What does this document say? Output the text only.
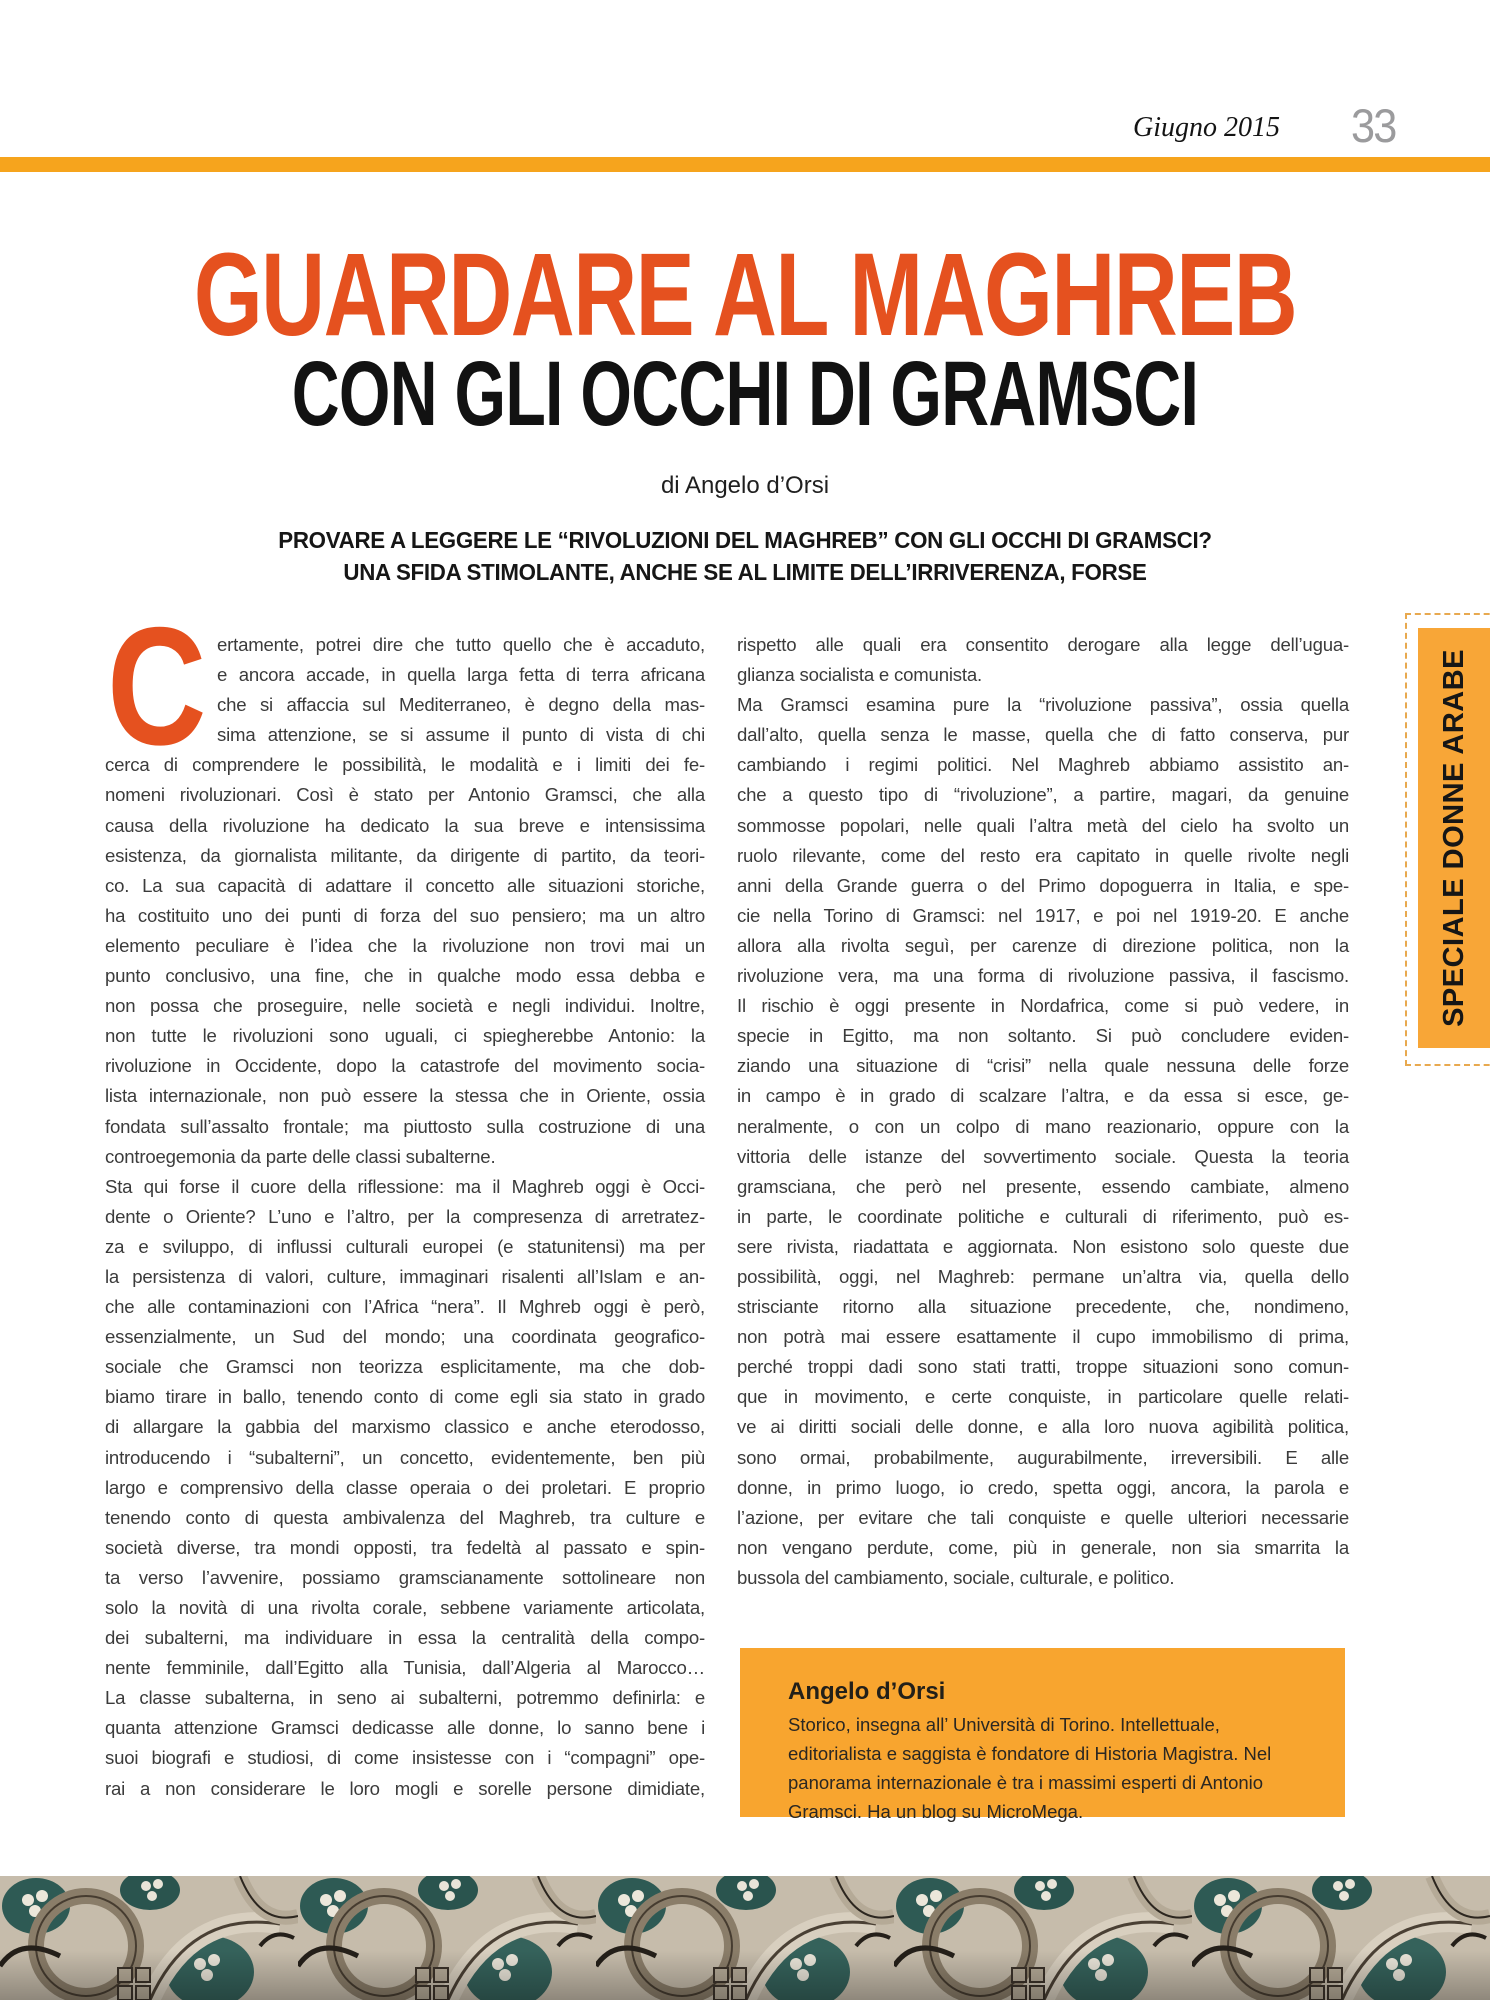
Giugno 2015 33
GUARDARE AL MAGHREB
CON GLI OCCHI DI GRAMSCI
di Angelo d’Orsi
PROVARE A LEGGERE LE “RIVOLUZIONI DEL MAGHREB” CON GLI OCCHI DI GRAMSCI?
UNA SFIDA STIMOLANTE, ANCHE SE AL LIMITE DELL’IRRIVERENZA, FORSE
C ertamente, potrei dire che tutto quello che è accaduto,
e ancora accade, in quella larga fetta di terra africana
che si affaccia sul Mediterraneo, è degno della mas-
sima attenzione, se si assume il punto di vista di chi
cerca di comprendere le possibilità, le modalità e i limiti dei fe-
nomeni rivoluzionari. Così è stato per Antonio Gramsci, che alla
causa della rivoluzione ha dedicato la sua breve e intensissima
esistenza, da giornalista militante, da dirigente di partito, da teori-
co. La sua capacità di adattare il concetto alle situazioni storiche,
ha costituito uno dei punti di forza del suo pensiero; ma un altro
elemento peculiare è l’idea che la rivoluzione non trovi mai un
punto conclusivo, una fine, che in qualche modo essa debba e
non possa che proseguire, nelle società e negli individui. Inoltre,
non tutte le rivoluzioni sono uguali, ci spiegherebbe Antonio: la
rivoluzione in Occidente, dopo la catastrofe del movimento socia-
lista internazionale, non può essere la stessa che in Oriente, ossia
fondata sull’assalto frontale; ma piuttosto sulla costruzione di una
controegemonia da parte delle classi subalterne.
Sta qui forse il cuore della riflessione: ma il Maghreb oggi è Occi-
dente o Oriente? L’uno e l’altro, per la compresenza di arretratez-
za e sviluppo, di influssi culturali europei (e statunitensi) ma per
la persistenza di valori, culture, immaginari risalenti all’Islam e an-
che alle contaminazioni con l’Africa “nera”. Il Mghreb oggi è però,
essenzialmente, un Sud del mondo; una coordinata geografico-
sociale che Gramsci non teorizza esplicitamente, ma che dob-
biamo tirare in ballo, tenendo conto di come egli sia stato in grado
di allargare la gabbia del marxismo classico e anche eterodosso,
introducendo i “subalterni”, un concetto, evidentemente, ben più
largo e comprensivo della classe operaia o dei proletari. E proprio
tenendo conto di questa ambivalenza del Maghreb, tra culture e
società diverse, tra mondi opposti, tra fedeltà al passato e spin-
ta verso l’avvenire, possiamo gramscianamente sottolineare non
solo la novità di una rivolta corale, sebbene variamente articolata,
dei subalterni, ma individuare in essa la centralità della compo-
nente femminile, dall’Egitto alla Tunisia, dall’Algeria al Marocco…
La classe subalterna, in seno ai subalterni, potremmo definirla: e
quanta attenzione Gramsci dedicasse alle donne, lo sanno bene i
suoi biografi e studiosi, di come insistesse con i “compagni” ope-
rai a non considerare le loro mogli e sorelle persone dimidiate,
rispetto alle quali era consentito derogare alla legge dell’ugua-
glianza socialista e comunista.
Ma Gramsci esamina pure la “rivoluzione passiva”, ossia quella
dall’alto, quella senza le masse, quella che di fatto conserva, pur
cambiando i regimi politici. Nel Maghreb abbiamo assistito an-
che a questo tipo di “rivoluzione”, a partire, magari, da genuine
sommosse popolari, nelle quali l’altra metà del cielo ha svolto un
ruolo rilevante, come del resto era capitato in quelle rivolte negli
anni della Grande guerra o del Primo dopoguerra in Italia, e spe-
cie nella Torino di Gramsci: nel 1917, e poi nel 1919-20. E anche
allora alla rivolta seguì, per carenze di direzione politica, non la
rivoluzione vera, ma una forma di rivoluzione passiva, il fascismo.
Il rischio è oggi presente in Nordafrica, come si può vedere, in
specie in Egitto, ma non soltanto. Si può concludere eviden-
ziando una situazione di “crisi” nella quale nessuna delle forze
in campo è in grado di scalzare l’altra, e da essa si esce, ge-
neralmente, o con un colpo di mano reazionario, oppure con la
vittoria delle istanze del sovvertimento sociale. Questa la teoria
gramsciana, che però nel presente, essendo cambiate, almeno
in parte, le coordinate politiche e culturali di riferimento, può es-
sere rivista, riadattata e aggiornata. Non esistono solo queste due
possibilità, oggi, nel Maghreb: permane un’altra via, quella dello
strisciante ritorno alla situazione precedente, che, nondimeno,
non potrà mai essere esattamente il cupo immobilismo di prima,
perché troppi dadi sono stati tratti, troppe situazioni sono comun-
que in movimento, e certe conquiste, in particolare quelle relati-
ve ai diritti sociali delle donne, e alla loro nuova agibilità politica,
sono ormai, probabilmente, augurabilmente, irreversibili. E alle
donne, in primo luogo, io credo, spetta oggi, ancora, la parola e
l’azione, per evitare che tali conquiste e quelle ulteriori necessarie
non vengano perdute, come, più in generale, non sia smarrita la
bussola del cambiamento, sociale, culturale, e politico.
SPECIALE DONNE ARABE
Angelo d’Orsi
Storico, insegna all’ Università di Torino. Intellettuale,
editorialista e saggista è fondatore di Historia Magistra. Nel
panorama internazionale è tra i massimi esperti di Antonio
Gramsci. Ha un blog su MicroMega.
